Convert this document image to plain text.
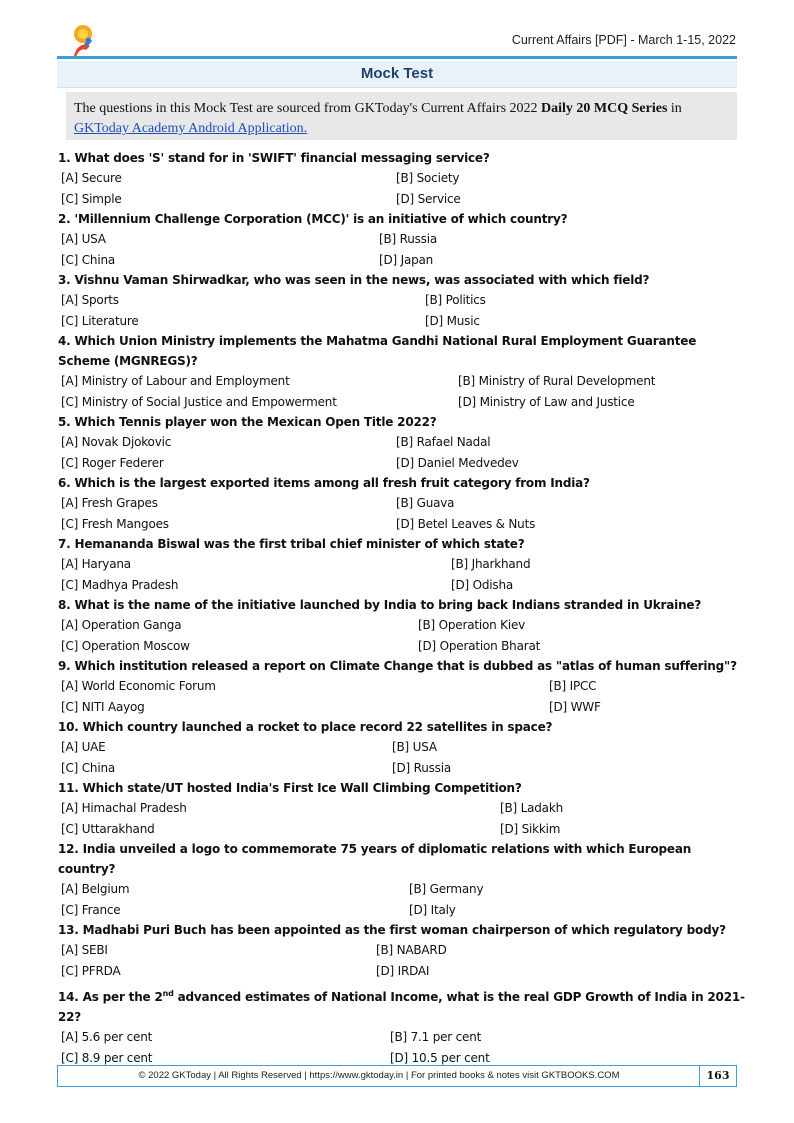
Current Affairs [PDF] - March 1-15, 2022
Mock Test
The questions in this Mock Test are sourced from GKToday's Current Affairs 2022 Daily 20 MCQ Series in GKToday Academy Android Application.
1. What does 'S' stand for in 'SWIFT' financial messaging service?
[A] Secure	[B] Society
[C] Simple	[D] Service
2. 'Millennium Challenge Corporation (MCC)' is an initiative of which country?
[A] USA	[B] Russia
[C] China	[D] Japan
3. Vishnu Vaman Shirwadkar, who was seen in the news, was associated with which field?
[A] Sports	[B] Politics
[C] Literature	[D] Music
4. Which Union Ministry implements the Mahatma Gandhi National Rural Employment Guarantee Scheme (MGNREGS)?
[A] Ministry of Labour and Employment	[B] Ministry of Rural Development
[C] Ministry of Social Justice and Empowerment	[D] Ministry of Law and Justice
5. Which Tennis player won the Mexican Open Title 2022?
[A] Novak Djokovic	[B] Rafael Nadal
[C] Roger Federer	[D] Daniel Medvedev
6. Which is the largest exported items among all fresh fruit category from India?
[A] Fresh Grapes	[B] Guava
[C] Fresh Mangoes	[D] Betel Leaves & Nuts
7. Hemananda Biswal was the first tribal chief minister of which state?
[A] Haryana	[B] Jharkhand
[C] Madhya Pradesh	[D] Odisha
8. What is the name of the initiative launched by India to bring back Indians stranded in Ukraine?
[A] Operation Ganga	[B] Operation Kiev
[C] Operation Moscow	[D] Operation Bharat
9. Which institution released a report on Climate Change that is dubbed as "atlas of human suffering"?
[A] World Economic Forum	[B] IPCC
[C] NITI Aayog	[D] WWF
10. Which country launched a rocket to place record 22 satellites in space?
[A] UAE	[B] USA
[C] China	[D] Russia
11. Which state/UT hosted India's First Ice Wall Climbing Competition?
[A] Himachal Pradesh	[B] Ladakh
[C] Uttarakhand	[D] Sikkim
12. India unveiled a logo to commemorate 75 years of diplomatic relations with which European country?
[A] Belgium	[B] Germany
[C] France	[D] Italy
13. Madhabi Puri Buch has been appointed as the first woman chairperson of which regulatory body?
[A] SEBI	[B] NABARD
[C] PFRDA	[D] IRDAI
14. As per the 2nd advanced estimates of National Income, what is the real GDP Growth of India in 2021-22?
[A] 5.6 per cent	[B] 7.1 per cent
[C] 8.9 per cent	[D] 10.5 per cent
© 2022 GKToday | All Rights Reserved | https://www.gktoday.in | For printed books & notes visit GKTBOOKS.COM	163
